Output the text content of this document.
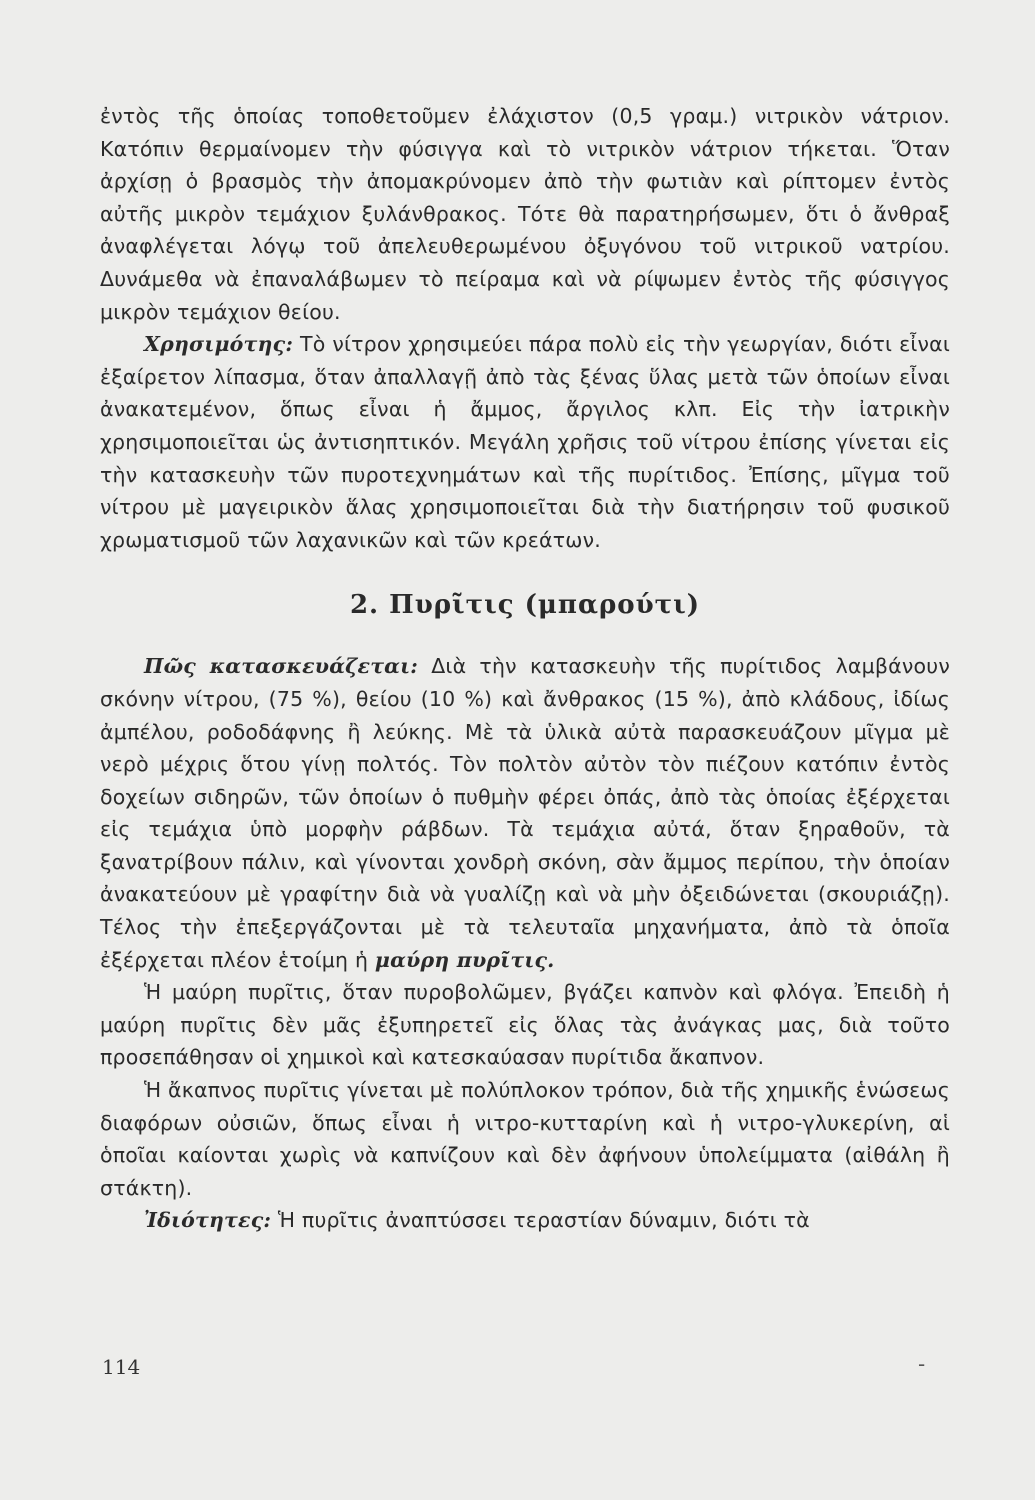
ἐντὸς τῆς ὁποίας τοποθετοῦμεν ἐλάχιστον (0,5 γραμ.) νιτρικὸν νάτριον. Κατόπιν θερμαίνομεν τὴν φύσιγγα καὶ τὸ νιτρικὸν νάτριον τήκεται. Ὅταν ἀρχίσῃ ὁ βρασμὸς τὴν ἀπομακρύνομεν ἀπὸ τὴν φωτιὰν καὶ ρίπτομεν ἐντὸς αὐτῆς μικρὸν τεμάχιον ξυλάνθρακος. Τότε θὰ παρατηρήσωμεν, ὅτι ὁ ἄνθραξ ἀναφλέγεται λόγῳ τοῦ ἀπελευθερωμένου ὀξυγόνου τοῦ νιτρικοῦ νατρίου. Δυνάμεθα νὰ ἐπαναλάβωμεν τὸ πείραμα καὶ νὰ ρίψωμεν ἐντὸς τῆς φύσιγγος μικρὸν τεμάχιον θείου.

Χρησιμότης: Τὸ νίτρον χρησιμεύει πάρα πολὺ εἰς τὴν γεωργίαν, διότι εἶναι ἐξαίρετον λίπασμα, ὅταν ἀπαλλαγῇ ἀπὸ τὰς ξένας ὕλας μετὰ τῶν ὁποίων εἶναι ἀνακατεμένον, ὅπως εἶναι ἡ ἄμμος, ἄργιλος κλπ. Εἰς τὴν ἰατρικὴν χρησιμοποιεῖται ὡς ἀντισηπτικόν. Μεγάλη χρῆσις τοῦ νίτρου ἐπίσης γίνεται εἰς τὴν κατασκευὴν τῶν πυροτεχνημάτων καὶ τῆς πυρίτιδος. Ἐπίσης, μῖγμα τοῦ νίτρου μὲ μαγειρικὸν ἅλας χρησιμοποιεῖται διὰ τὴν διατήρησιν τοῦ φυσικοῦ χρωματισμοῦ τῶν λαχανικῶν καὶ τῶν κρεάτων.

2. Πυρῖτις (μπαρούτι)

Πῶς κατασκευάζεται: Διὰ τὴν κατασκευὴν τῆς πυρίτιδος λαμβάνουν σκόνην νίτρου, (75 %), θείου (10 %) καὶ ἄνθρακος (15 %), ἀπὸ κλάδους, ἰδίως ἀμπέλου, ροδοδάφνης ἢ λεύκης. Μὲ τὰ ὑλικὰ αὐτὰ παρασκευάζουν μῖγμα μὲ νερὸ μέχρις ὅτου γίνῃ πολτός. Τὸν πολτὸν αὐτὸν τὸν πιέζουν κατόπιν ἐντὸς δοχείων σιδηρῶν, τῶν ὁποίων ὁ πυθμὴν φέρει ὀπάς, ἀπὸ τὰς ὁποίας ἐξέρχεται εἰς τεμάχια ὑπὸ μορφὴν ράβδων. Τὰ τεμάχια αὐτά, ὅταν ξηραθοῦν, τὰ ξανατρίβουν πάλιν, καὶ γίνονται χονδρὴ σκόνη, σὰν ἄμμος περίπου, τὴν ὁποίαν ἀνακατεύουν μὲ γραφίτην διὰ νὰ γυαλίζῃ καὶ νὰ μὴν ὀξειδώνεται (σκουριάζῃ). Τέλος τὴν ἐπεξεργάζονται μὲ τὰ τελευταῖα μηχανήματα, ἀπὸ τὰ ὁποῖα ἐξέρχεται πλέον ἑτοίμη ἡ μαύρη πυρῖτις.

Ἡ μαύρη πυρῖτις, ὅταν πυροβολῶμεν, βγάζει καπνὸν καὶ φλόγα. Ἐπειδὴ ἡ μαύρη πυρῖτις δὲν μᾶς ἐξυπηρετεῖ εἰς ὅλας τὰς ἀνάγκας μας, διὰ τοῦτο προσεπάθησαν οἱ χημικοὶ καὶ κατεσκαύασαν πυρίτιδα ἄκαπνον.

Ἡ ἄκαπνος πυρῖτις γίνεται μὲ πολύπλοκον τρόπον, διὰ τῆς χημικῆς ἑνώσεως διαφόρων οὐσιῶν, ὅπως εἶναι ἡ νιτρο-κυτταρίνη καὶ ἡ νιτρο-γλυκερίνη, αἱ ὁποῖαι καίονται χωρὶς νὰ καπνίζουν καὶ δὲν ἀφήνουν ὑπολείμματα (αἰθάλη ἢ στάκτη).

Ἰδιότητες: Ἡ πυρῖτις ἀναπτύσσει τεραστίαν δύναμιν, διότι τὰ

114	-
